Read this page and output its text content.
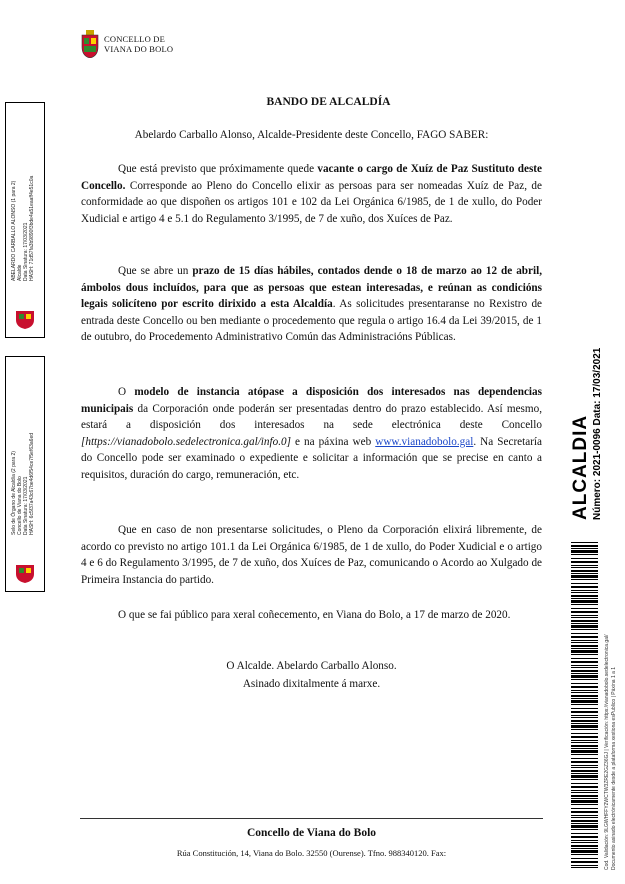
CONCELLO DE
VIANA DO BOLO
BANDO DE ALCALDÍA
Abelardo Carballo Alonso, Alcalde-Presidente deste Concello, FAGO SABER:
Que está previsto que próximamente quede vacante o cargo de Xuíz de Paz Sustituto deste Concello. Corresponde ao Pleno do Concello elixir as persoas para ser nomeadas Xuíz de Paz, de conformidade ao que dispoñen os artigos 101 e 102 da Lei Orgánica 6/1985, de 1 de xullo, do Poder Xudicial e artigo 4 e 5.1 do Regulamento 3/1995, de 7 de xuño, dos Xuíces de Paz.
Que se abre un prazo de 15 días hábiles, contados dende o 18 de marzo ao 12 de abril, ámbolos dous incluídos, para que as persoas que estean interesadas, e reúnan as condicións legais solicíteno por escrito dirixido a esta Alcaldía. As solicitudes presentaranse no Rexistro de entrada deste Concello ou ben mediante o procedemento que regula o artigo 16.4 da Lei 39/2015, de 1 de outubro, do Procedemento Administrativo Común das Administracións Públicas.
O modelo de instancia atópase a disposición dos interesados nas dependencias municipais da Corporación onde poderán ser presentadas dentro do prazo establecido. Así mesmo, estará a disposición dos interesados na sede electrónica deste Concello [https://vianadobolo.sedelectronica.gal/info.0] e na páxina web www.vianadobolo.gal. Na Secretaría do Concello pode ser examinado o expediente e solicitar a información que se precise en canto a requisitos, duración do cargo, remuneración, etc.
Que en caso de non presentarse solicitudes, o Pleno da Corporación elixirá libremente, de acordo co previsto no artigo 101.1 da Lei Orgánica 6/1985, de 1 de xullo, do Poder Xudicial e o artigo 4 e 6 do Regulamento 3/1995, de 7 de xuño, dos Xuíces de Paz, comunicando o Acordo ao Xulgado de Primeira Instancia do partido.
O que se fai público para xeral coñecemento, en Viana do Bolo, a 17 de marzo de 2020.
O Alcalde. Abelardo Carballo Alonso.
Asinado dixitalmente á marxe.
Concello de Viana do Bolo
Rúa Constitución, 14, Viana do Bolo. 32550 (Ourense). Tfno. 988340120. Fax:
ABELARDO CARBALLO ALONSO (1 para 2) Alcalde Data Sinatura: 17/03/2021 HASH: 71d57fa3b9890f3bde4a51eaaff4e51c0a
Selo de Órgano de Alcaldía (2 para 2) Concello de Viana do Bolo Data Sinatura: 17/03/2021 HASH: 6c5f37a43c67be4d6f54ce7f5ef63a6ed	ALCALDIA Número: 2021-0096 Data: 17/03/2021
Cod. Validación: 9LGWHFFY2WCTW3ZRE2GZ36GJ | Verificación: https://vianadobolo.sedelectronica.gal/ Documento asinado electrónicamente desde a plataforma xestiona esPublico | Páxina 1 a 1
